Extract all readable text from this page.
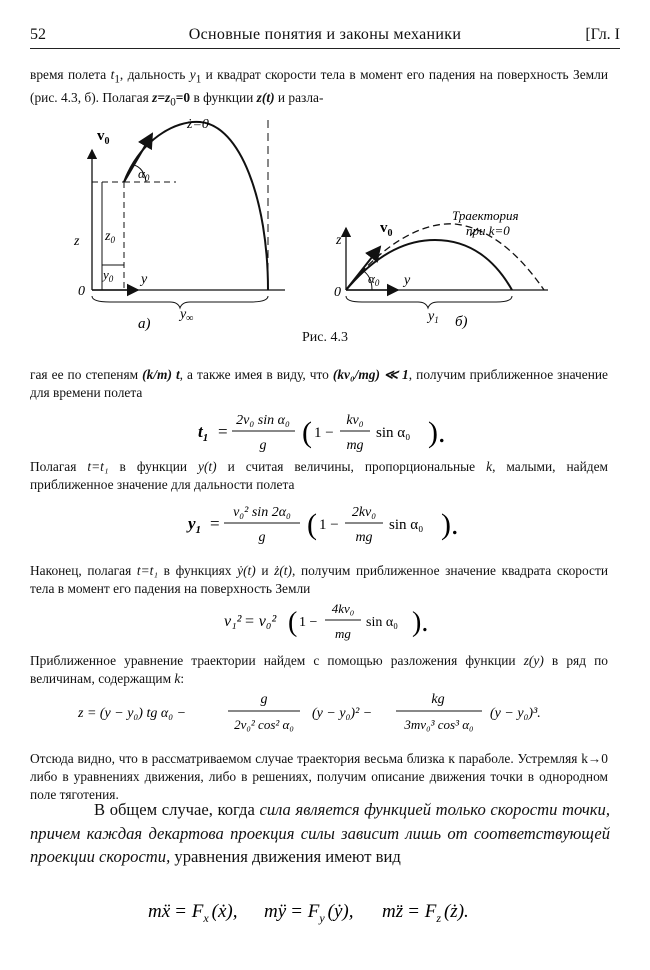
52	Основные понятия и законы механики	[Гл. I
время полета $t_1$, дальность $y_1$ и квадрат скорости тела в момент его падения на поверхность Земли (рис. 4.3, б). Полагая $z=z_0=0$ в функции z(t) и разла-
$v_0$
ż=0
$\alpha_0$
z $z_0$
$y_0$ y
0
$y_\infty$
а)
$v_0$
Траектория
при k=0
$\alpha_0$
z
y
0
$y_1$ б)
Рис. 4.3
гая ее по степеням (k/m) t, а также имея в виду, что (kv₀/mg) ≪ 1, получим приближенное значение для времени полета
$t_1$ =
2v₀ sin α₀
g ( 1 −
kv₀
mg
sin α₀ ).
Полагая t=t₁ в функции y(t) и считая величины, пропорциональные k, малыми, найдем приближенное значение для дальности полета
$y_1$ =
v₀² sin 2α₀
g ( 1 −
2kv₀
mg
sin α₀ ).
Наконец, полагая t=t₁ в функциях ẏ(t) и ż(t), получим приближенное значение квадрата скорости тела в момент его падения на поверхность Земли
v₁² = v₀² ( 1 −
4kv₀
mg
sin α₀ ).
Приближенное уравнение траектории найдем с помощью разложения функции z(y) в ряд по величинам, содержащим k:
z = (y − y₀) tg α₀ −
g
2v₀² cos² α₀
(y − y₀)² −
kg
3mv₀³ cos³ α₀
(y − y₀)³.
Отсюда видно, что в рассматриваемом случае траектория весьма близка к параболе. Устремляя k→0 либо в уравнениях движения, либо в решениях, получим описание движения точки в однородном поле тяготения.
В общем случае, когда сила является функцией только скорости точки, причем каждая декартова проекция силы зависит лишь от соответствующей проекции скорости, уравнения движения имеют вид
mẍ = $F_x$ (ẋ), mÿ = $F_y$ (ẏ), mz̈ = $F_z$ (ż).
